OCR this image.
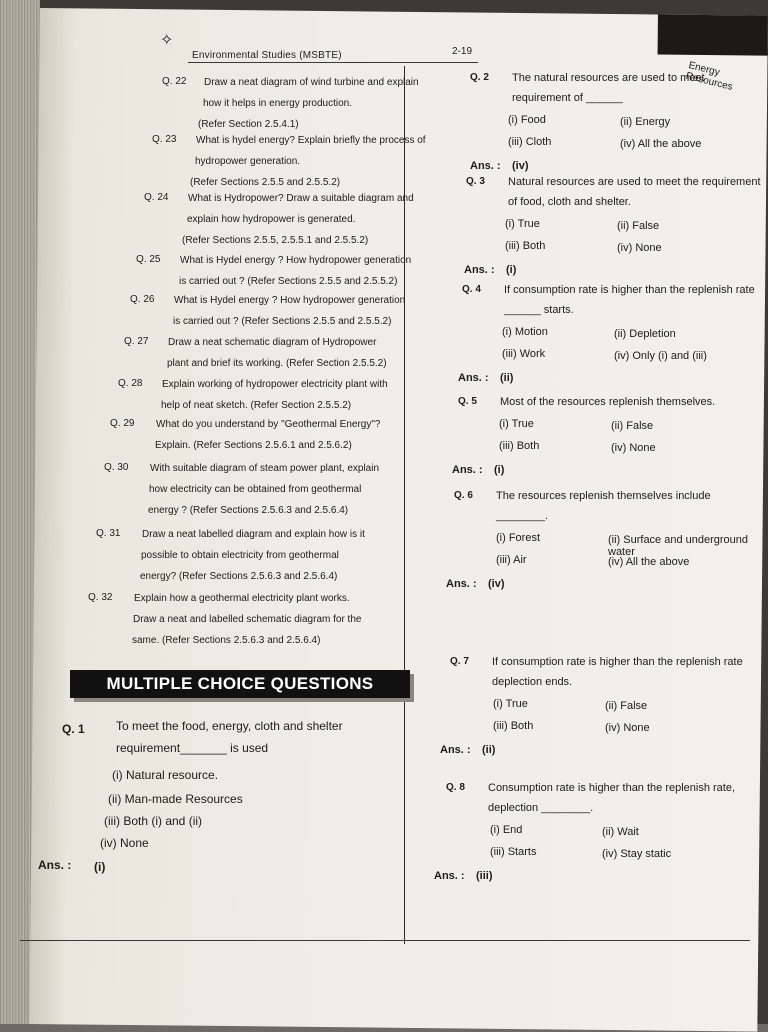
✧
Environmental Studies (MSBTE)	2-19
Energy Resources
Q. 22 Draw a neat diagram of wind turbine and explain
how it helps in energy production.
(Refer Section 2.5.4.1)
Q. 23 What is hydel energy? Explain briefly the process of
hydropower generation.
(Refer Sections 2.5.5 and 2.5.5.2)
Q. 24 What is Hydropower? Draw a suitable diagram and
explain how hydropower is generated.
(Refer Sections 2.5.5, 2.5.5.1 and 2.5.5.2)
Q. 25 What is Hydel energy ? How hydropower generation
is carried out ? (Refer Sections 2.5.5 and 2.5.5.2)
Q. 26 What is Hydel energy ? How hydropower generation
is carried out ? (Refer Sections 2.5.5 and 2.5.5.2)
Q. 27 Draw a neat schematic diagram of Hydropower
plant and brief its working. (Refer Section 2.5.5.2)
Q. 28 Explain working of hydropower electricity plant with
help of neat sketch. (Refer Section 2.5.5.2)
Q. 29 What do you understand by "Geothermal Energy"?
Explain. (Refer Sections 2.5.6.1 and 2.5.6.2)
Q. 30 With suitable diagram of steam power plant, explain
how electricity can be obtained from geothermal
energy ? (Refer Sections 2.5.6.3 and 2.5.6.4)
Q. 31 Draw a neat labelled diagram and explain how is it
possible to obtain electricity from geothermal
energy? (Refer Sections 2.5.6.3 and 2.5.6.4)
Q. 32 Explain how a geothermal electricity plant works.
Draw a neat and labelled schematic diagram for the
same. (Refer Sections 2.5.6.3 and 2.5.6.4)
MULTIPLE CHOICE QUESTIONS
Q. 1	To meet the food, energy, cloth and shelter
requirement_______ is used
(i) Natural resource.
(ii) Man-made Resources
(iii) Both (i) and (ii)
(iv) None
Ans. : (i)
Q. 2 The natural resources are used to meet
requirement of ______
(i) Food	(ii) Energy
(iii) Cloth	(iv) All the above
Ans. : (iv)
Q. 3 Natural resources are used to meet the requirement
of food, cloth and shelter.
(i) True	(ii) False
(iii) Both	(iv) None
Ans. : (i)
Q. 4 If consumption rate is higher than the replenish rate
______ starts.
(i) Motion	(ii) Depletion
(iii) Work	(iv) Only (i) and (iii)
Ans. : (ii)
Q. 5 Most of the resources replenish themselves.
(i) True	(ii) False
(iii) Both	(iv) None
Ans. : (i)
Q. 6 The resources replenish themselves include
________.
(i) Forest	(ii) Surface and underground water
(iii) Air	(iv) All the above
Ans. : (iv)
Q. 7 If consumption rate is higher than the replenish rate
deplection ends.
(i) True	(ii) False
(iii) Both	(iv) None
Ans. : (ii)
Q. 8 Consumption rate is higher than the replenish rate,
deplection ________.
(i) End	(ii) Wait
(iii) Starts	(iv) Stay static
Ans. : (iii)
